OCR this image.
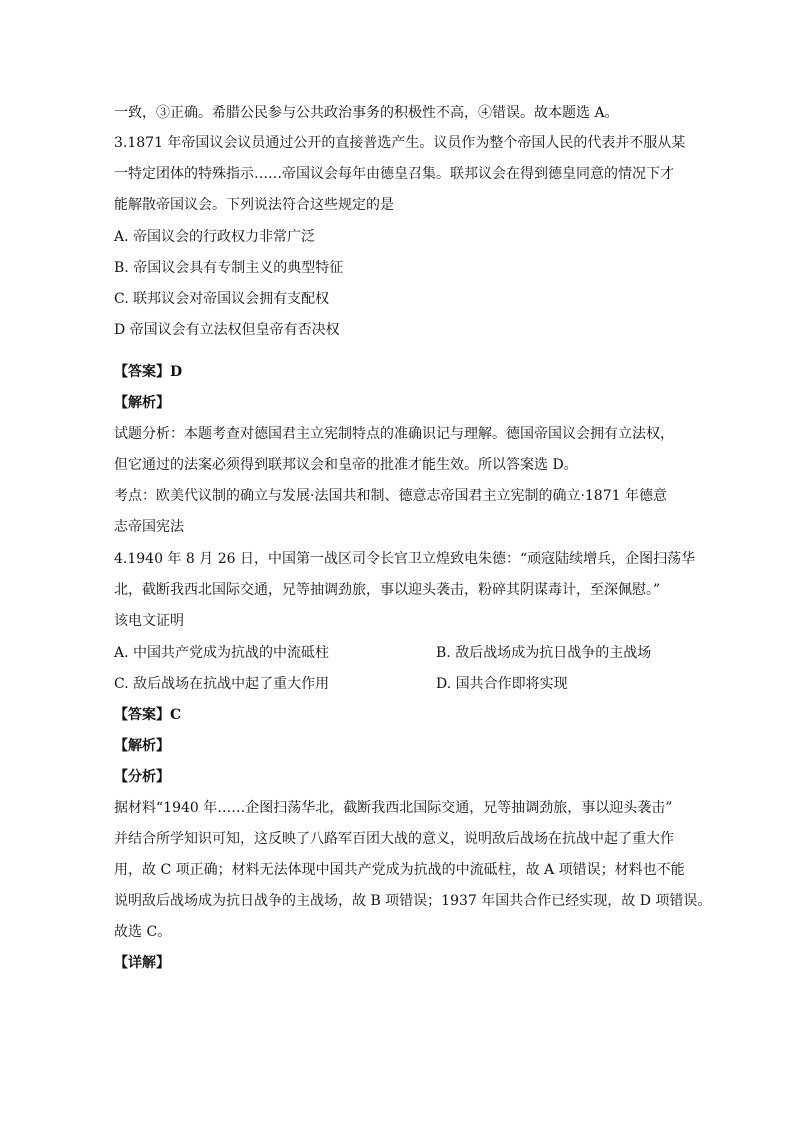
一致，③正确。希腊公民参与公共政治事务的积极性不高，④错误。故本题选 A。
3.1871 年帝国议会议员通过公开的直接普选产生。议员作为整个帝国人民的代表并不服从某
一特定团体的特殊指示……帝国议会每年由德皇召集。联邦议会在得到德皇同意的情况下才
能解散帝国议会。下列说法符合这些规定的是
A. 帝国议会的行政权力非常广泛
B. 帝国议会具有专制主义的典型特征
C. 联邦议会对帝国议会拥有支配权
D 帝国议会有立法权但皇帝有否决权
【答案】D
【解析】
试题分析：本题考查对德国君主立宪制特点的准确识记与理解。德国帝国议会拥有立法权，
但它通过的法案必须得到联邦议会和皇帝的批准才能生效。所以答案选 D。
考点：欧美代议制的确立与发展·法国共和制、德意志帝国君主立宪制的确立·1871 年德意
志帝国宪法
4.1940 年 8 月 26 日，中国第一战区司令长官卫立煌致电朱德：“顽寇陆续增兵，企图扫荡华
北，截断我西北国际交通，兄等抽调劲旅，事以迎头袭击，粉碎其阴谋毒计，至深佩慰。”
该电文证明
A. 中国共产党成为抗战的中流砥柱	B. 敌后战场成为抗日战争的主战场
C. 敌后战场在抗战中起了重大作用	D. 国共合作即将实现
【答案】C
【解析】
【分析】
据材料“1940 年……企图扫荡华北，截断我西北国际交通，兄等抽调劲旅，事以迎头袭击”
并结合所学知识可知，这反映了八路军百团大战的意义，说明敌后战场在抗战中起了重大作
用，故 C 项正确；材料无法体现中国共产党成为抗战的中流砥柱，故 A 项错误；材料也不能
说明敌后战场成为抗日战争的主战场，故 B 项错误；1937 年国共合作已经实现，故 D 项错误。
故选 C。
【详解】
